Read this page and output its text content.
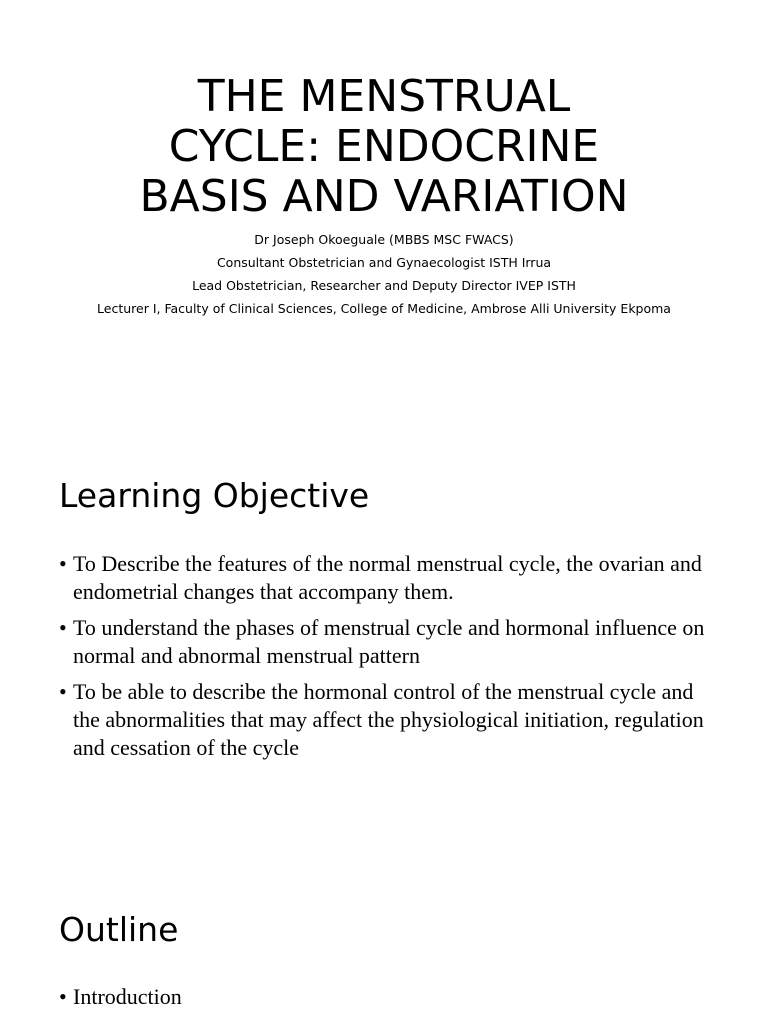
THE MENSTRUAL
CYCLE: ENDOCRINE
BASIS AND VARIATION
Dr Joseph Okoeguale (MBBS MSC FWACS)
Consultant Obstetrician and Gynaecologist ISTH Irrua
Lead Obstetrician, Researcher and Deputy Director IVEP ISTH
Lecturer I, Faculty of Clinical Sciences, College of Medicine, Ambrose Alli University Ekpoma
Learning Objective
• To Describe the features of the normal menstrual cycle, the ovarian and endometrial changes that accompany them.
• To understand the phases of menstrual cycle and hormonal influence on normal and abnormal menstrual pattern
• To be able to describe the hormonal control of the menstrual cycle and the abnormalities that may affect the physiological initiation, regulation and cessation of the cycle
Outline
• Introduction
